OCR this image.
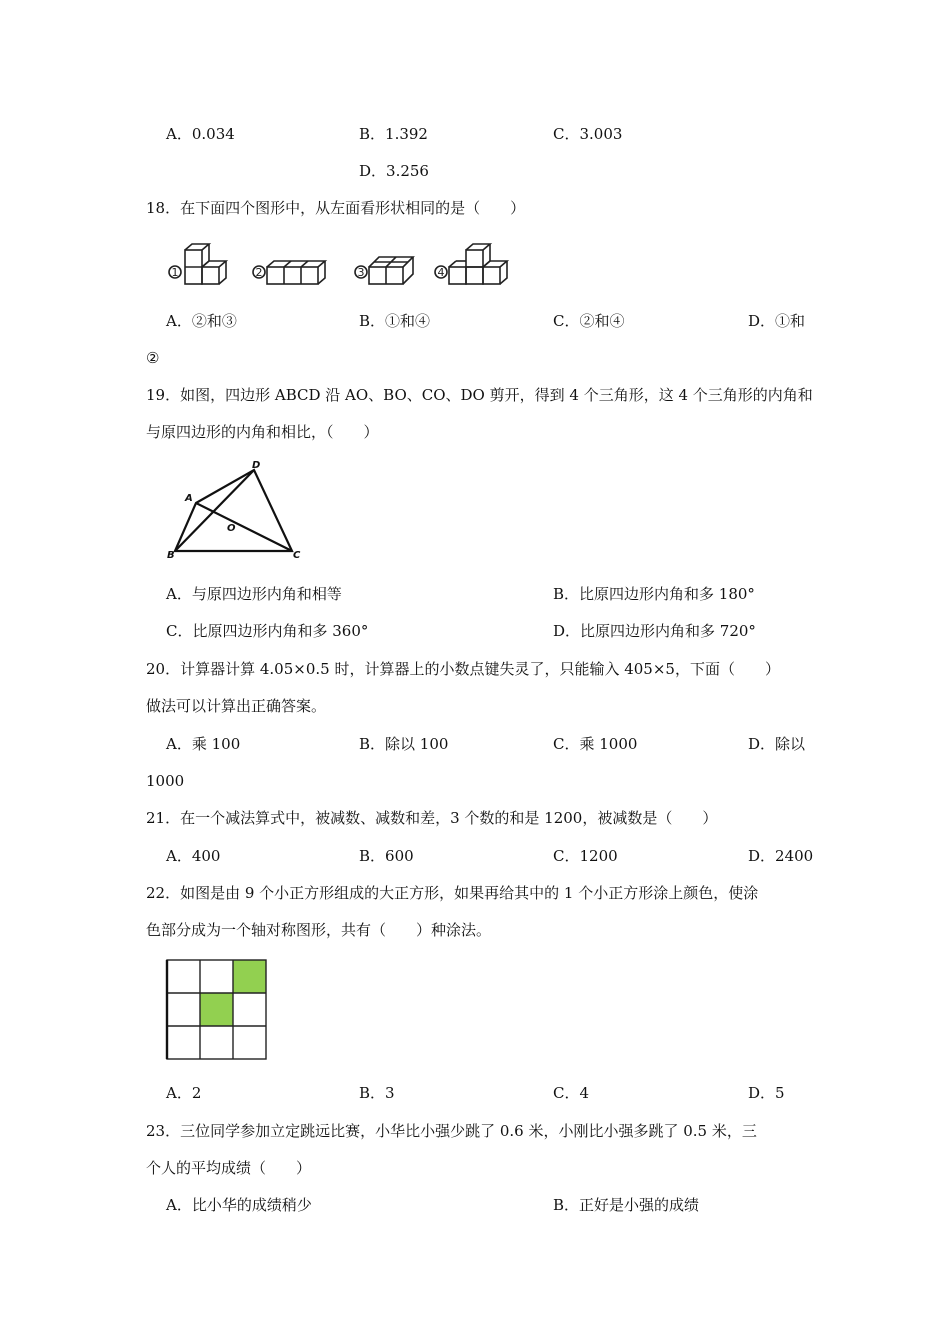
A．0.034	B．1.392	C．3.003
D．3.256
18．在下面四个图形中，从左面看形状相同的是（　　）
1	2	3	4
A．②和③	B．①和④	C．②和④	D．①和
②
19．如图，四边形 ABCD 沿 AO、BO、CO、DO 剪开，得到 4 个三角形，这 4 个三角形的内角和
与原四边形的内角和相比，（　　）
A
D
B	C
O
A．与原四边形内角和相等	B．比原四边形内角和多 180°
C．比原四边形内角和多 360°	D．比原四边形内角和多 720°
20．计算器计算 4.05×0.5 时，计算器上的小数点键失灵了，只能输入 405×5，下面（　　）
做法可以计算出正确答案。
A．乘 100	B．除以 100	C．乘 1000	D．除以
1000
21．在一个减法算式中，被减数、减数和差，3 个数的和是 1200，被减数是（　　）
A．400	B．600	C．1200	D．2400
22．如图是由 9 个小正方形组成的大正方形，如果再给其中的 1 个小正方形涂上颜色，使涂
色部分成为一个轴对称图形，共有（　　）种涂法。
A．2	B．3	C．4	D．5
23．三位同学参加立定跳远比赛，小华比小强少跳了 0.6 米，小刚比小强多跳了 0.5 米，三
个人的平均成绩（　　）
A．比小华的成绩稍少	B．正好是小强的成绩
